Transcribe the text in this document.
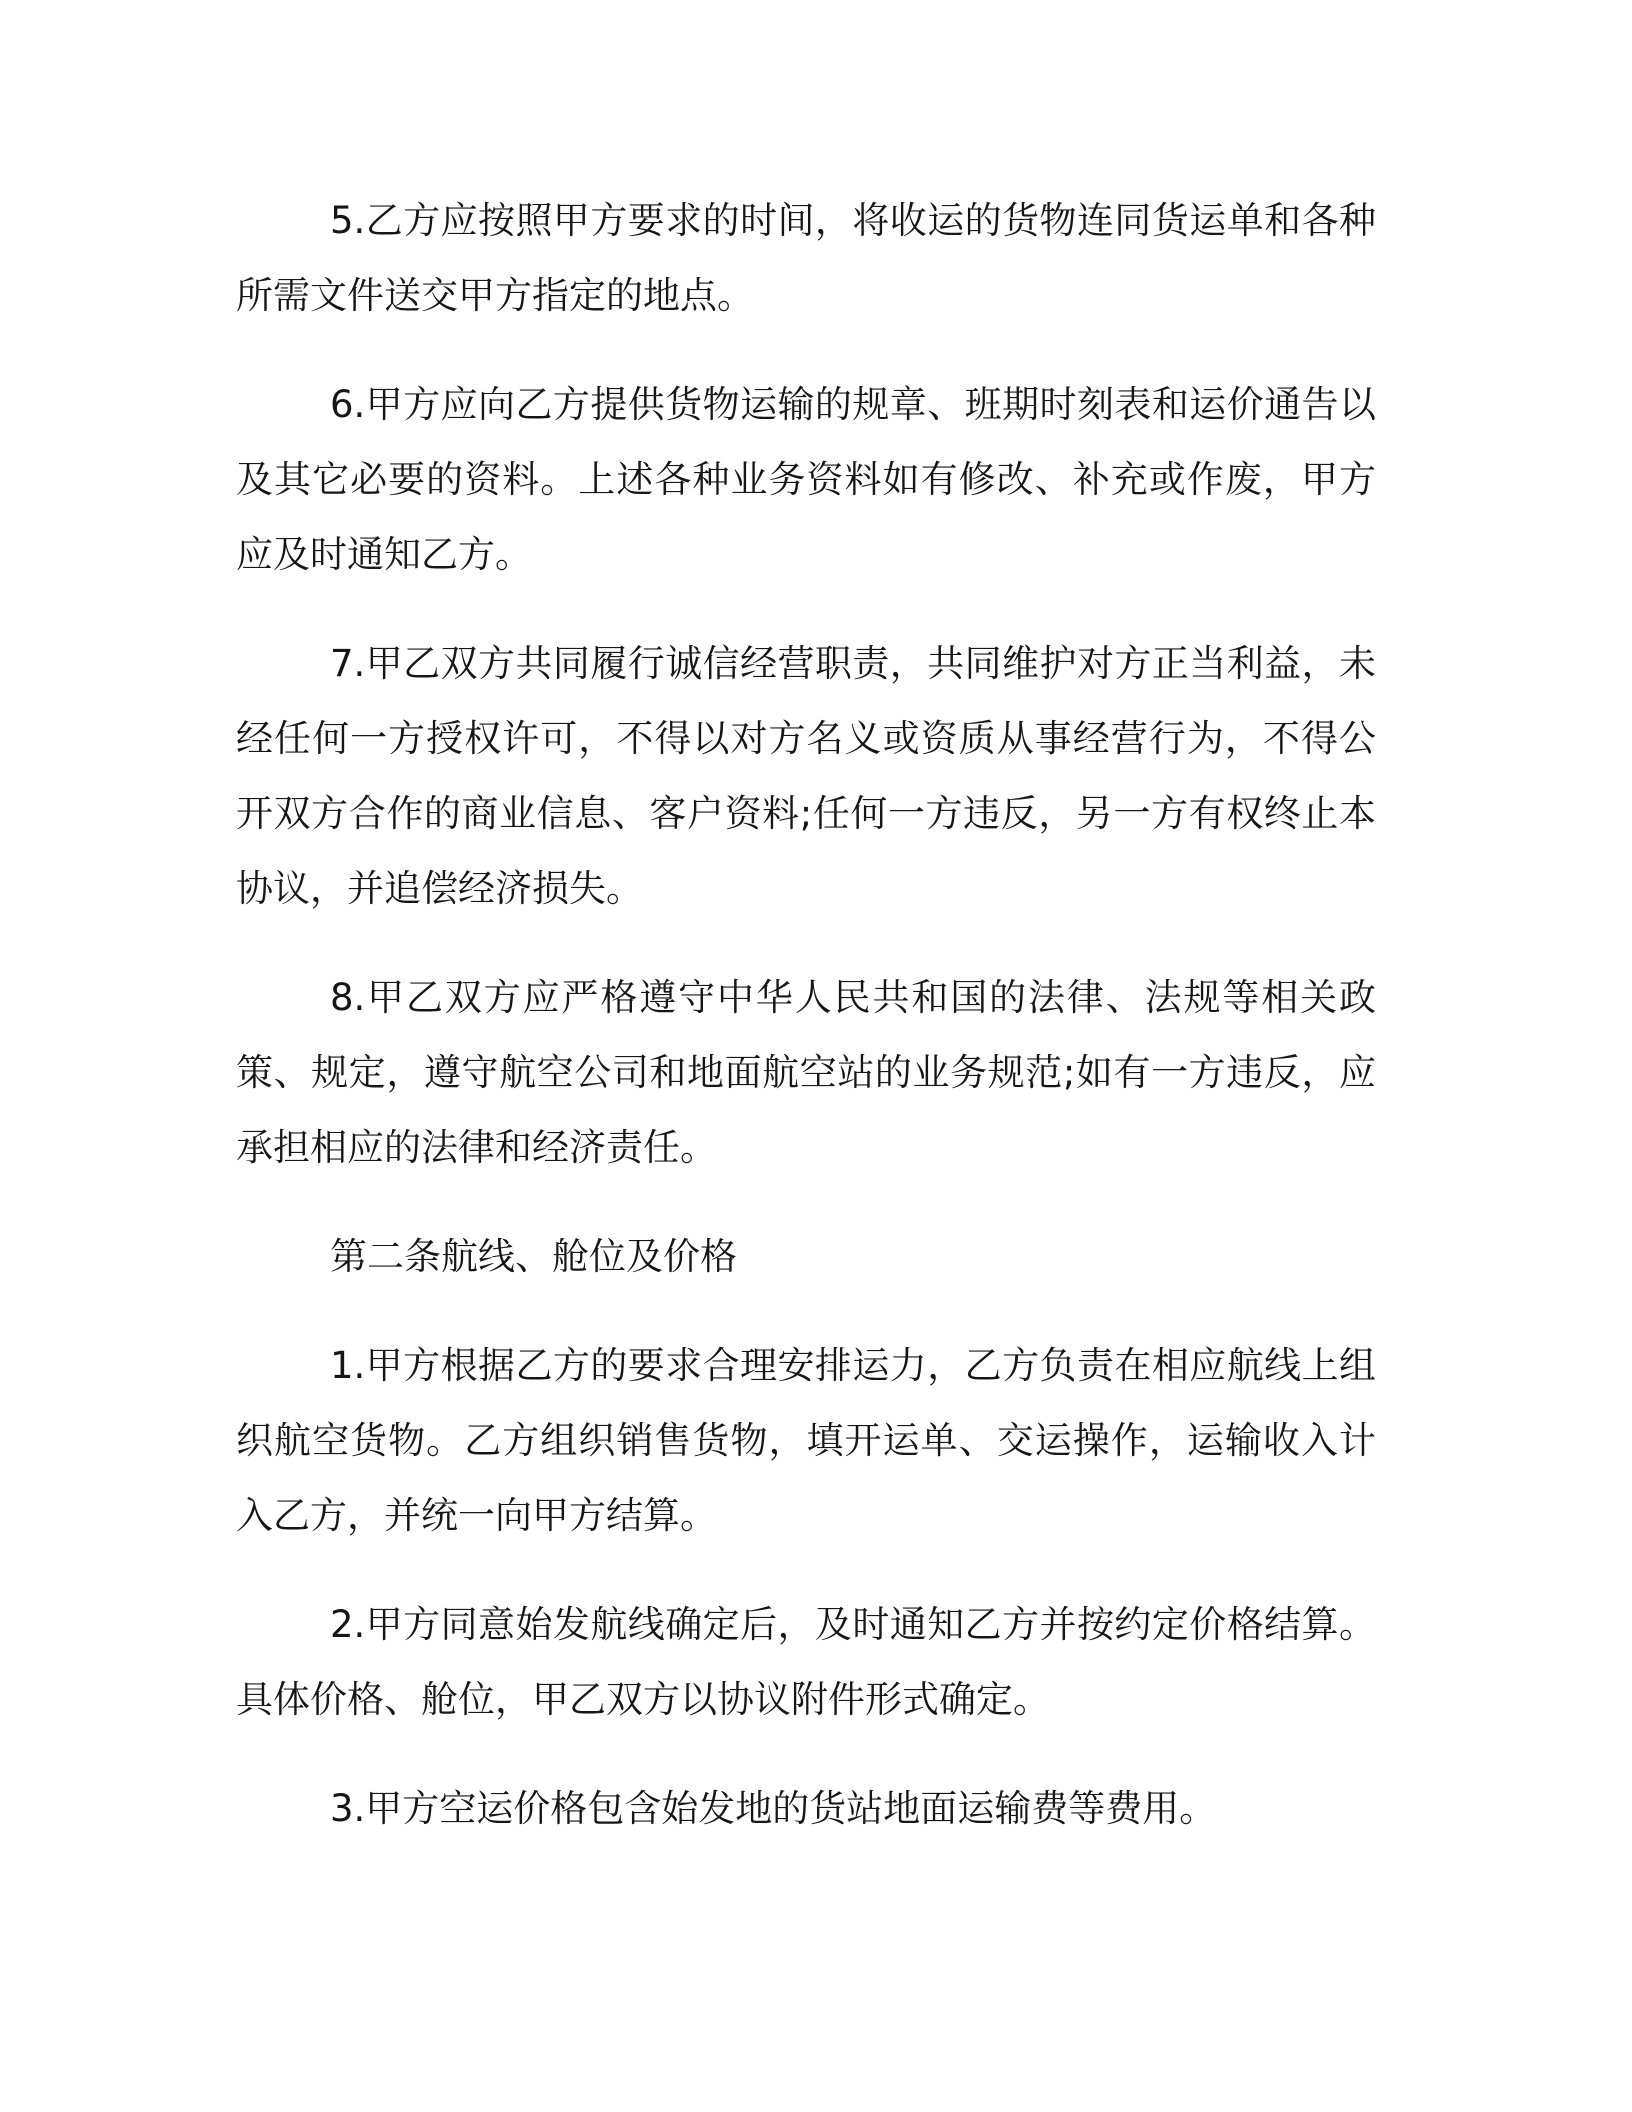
5.乙方应按照甲方要求的时间，将收运的货物连同货运单和各种所需文件送交甲方指定的地点。

6.甲方应向乙方提供货物运输的规章、班期时刻表和运价通告以及其它必要的资料。上述各种业务资料如有修改、补充或作废，甲方应及时通知乙方。

7.甲乙双方共同履行诚信经营职责，共同维护对方正当利益，未经任何一方授权许可，不得以对方名义或资质从事经营行为，不得公开双方合作的商业信息、客户资料;任何一方违反，另一方有权终止本协议，并追偿经济损失。

8.甲乙双方应严格遵守中华人民共和国的法律、法规等相关政策、规定，遵守航空公司和地面航空站的业务规范;如有一方违反，应承担相应的法律和经济责任。

第二条航线、舱位及价格

1.甲方根据乙方的要求合理安排运力，乙方负责在相应航线上组织航空货物。乙方组织销售货物，填开运单、交运操作，运输收入计入乙方，并统一向甲方结算。

2.甲方同意始发航线确定后，及时通知乙方并按约定价格结算。具体价格、舱位，甲乙双方以协议附件形式确定。

3.甲方空运价格包含始发地的货站地面运输费等费用。
